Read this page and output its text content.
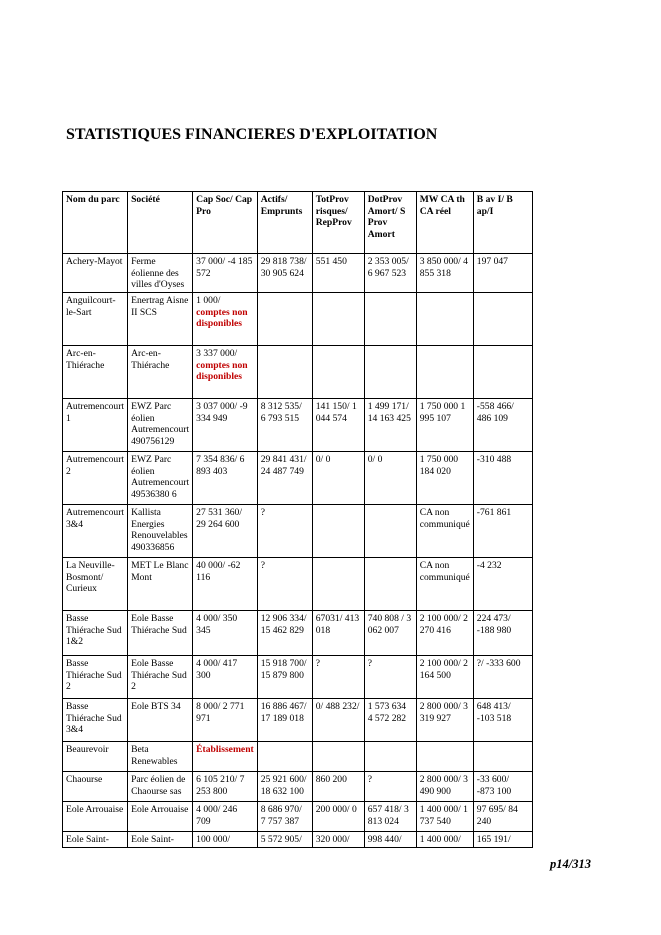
STATISTIQUES FINANCIERES D'EXPLOITATION
Nom du parc	Société	Cap Soc/ Cap Pro	Actifs/ Emprunts	TotProv risques/ RepProv	DotProv Amort/ S Prov Amort	MW CA th CA réel	B av I/ B ap/I
Achery-Mayot	Ferme éolienne des villes d'Oyses	37 000/ -4 185 572	29 818 738/ 30 905 624	551 450	2 353 005/ 6 967 523	3 850 000/ 4 855 318	197 047
Anguilcourt-le-Sart	Enertrag Aisne II SCS	1 000/
comptes non disponibles					
Arc-en-Thiérache	Arc-en-Thiérache	3 337 000/
comptes non disponibles					
Autremencourt 1	EWZ Parc éolien Autremencourt 490756129	3 037 000/ -9 334 949	8 312 535/ 6 793 515	141 150/ 1 044 574	1 499 171/ 14 163 425	1 750 000 1 995 107	-558 466/ 486 109
Autremencourt 2	EWZ Parc éolien Autremencourt 49536380 6	7 354 836/ 6 893 403	29 841 431/ 24 487 749	0/ 0	0/ 0	1 750 000 184 020	-310 488
Autremencourt 3&4	Kallista Energies Renouvelables 490336856	27 531 360/ 29 264 600	?			CA non communiqué	-761 861
La Neuville-Bosmont/ Curieux	MET Le Blanc Mont	40 000/ -62 116	?			CA non communiqué	-4 232
Basse Thiérache Sud 1&2	Eole Basse Thiérache Sud	4 000/ 350 345	12 906 334/ 15 462 829	67031/ 413 018	740 808 / 3 062 007	2 100 000/ 2 270 416	224 473/ -188 980
Basse Thiérache Sud 2	Eole Basse Thiérache Sud 2	4 000/ 417 300	15 918 700/ 15 879 800	?	?	2 100 000/ 2 164 500	?/ -333 600
Basse Thiérache Sud 3&4	Eole BTS 34	8 000/ 2 771 971	16 886 467/ 17 189 018	0/ 488 232/	1 573 634 4 572 282	2 800 000/ 3 319 927	648 413/ -103 518
Beaurevoir	Beta Renewables	Établissement					
Chaourse	Parc éolien de Chaourse sas	6 105 210/ 7 253 800	25 921 600/ 18 632 100	860 200	?	2 800 000/ 3 490 900	-33 600/ -873 100
Eole Arrouaise	Eole Arrouaise	4 000/ 246 709	8 686 970/ 7 757 387	200 000/ 0	657 418/ 3 813 024	1 400 000/ 1 737 540	97 695/ 84 240
Eole Saint-	Eole Saint-	100 000/	5 572 905/	320 000/	998 440/	1 400 000/	165 191/
p14/313
